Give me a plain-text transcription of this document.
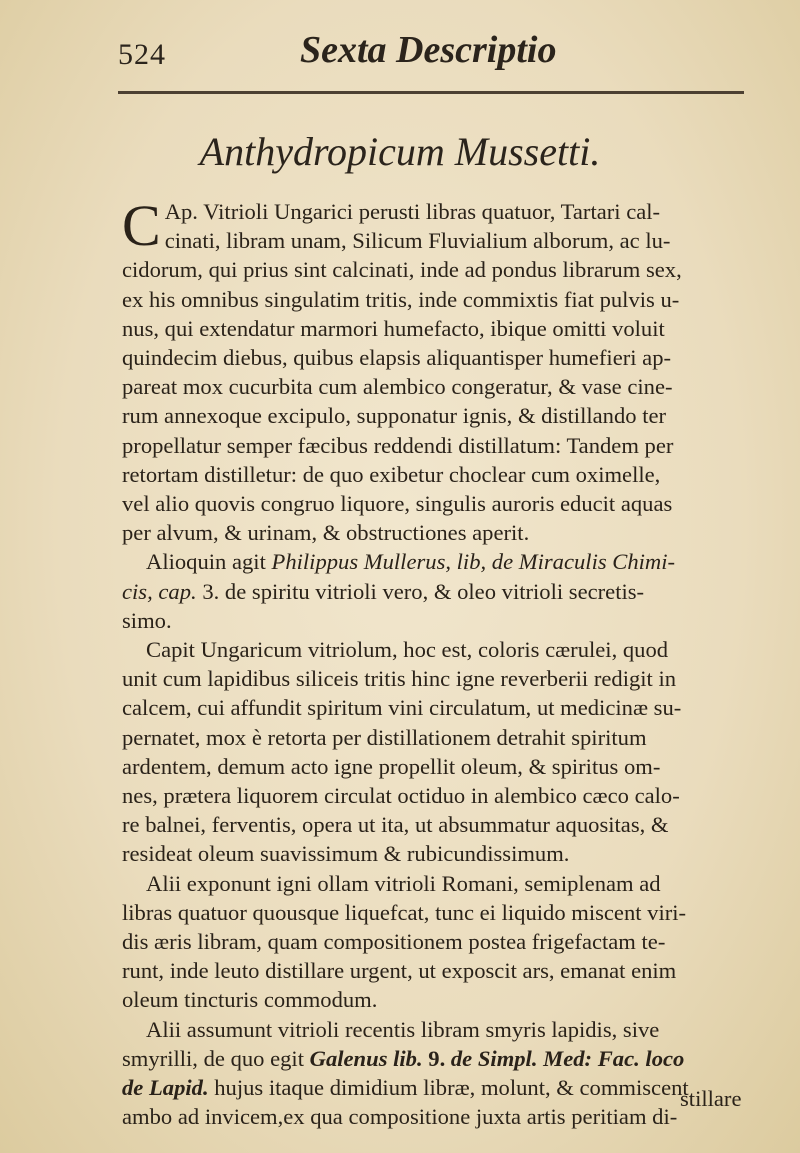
524	Sexta Descriptio
Anthydropicum Mussetti.

C Ap. Vitrioli Ungarici perusti libras quatuor, Tartari cal-
cinati, libram unam, Silicum Fluvialium alborum, ac lu-
cidorum, qui prius sint calcinati, inde ad pondus librarum sex,
ex his omnibus singulatim tritis, inde commixtis fiat pulvis u-
nus, qui extendatur marmori humefacto, ibique omitti voluit
quindecim diebus, quibus elapsis aliquantisper humefieri ap-
pareat mox cucurbita cum alembico congeratur, & vase cine-
rum annexoque excipulo, supponatur ignis, & distillando ter
propellatur semper fæcibus reddendi distillatum: Tandem per
retortam distilletur: de quo exibetur choclear cum oximelle,
vel alio quovis congruo liquore, singulis auroris educit aquas
per alvum, & urinam, & obstructiones aperit.

Alioquin agit Philippus Mullerus, lib, de Miraculis Chimi-
cis, cap. 3. de spiritu vitrioli vero, & oleo vitrioli secretis-
simo.

Capit Ungaricum vitriolum, hoc est, coloris cærulei, quod
unit cum lapidibus siliceis tritis hinc igne reverberii redigit in
calcem, cui affundit spiritum vini circulatum, ut medicinæ su-
pernatet, mox è retorta per distillationem detrahit spiritum
ardentem, demum acto igne propellit oleum, & spiritus om-
nes, prætera liquorem circulat octiduo in alembico cæco calo-
re balnei, ferventis, opera ut ita, ut absummatur aquositas, &
resideat oleum suavissimum & rubicundissimum.

Alii exponunt igni ollam vitrioli Romani, semiplenam ad
libras quatuor quousque liquefcat, tunc ei liquido miscent viri-
dis æris libram, quam compositionem postea frigefactam te-
runt, inde leuto distillare urgent, ut exposcit ars, emanat enim
oleum tincturis commodum.

Alii assumunt vitrioli recentis libram smyris lapidis, sive
smyrilli, de quo egit Galenus lib. 9. de Simpl. Med: Fac. loco
de Lapid. hujus itaque dimidium libræ, molunt, & commiscent
ambo ad invicem,ex qua compositione juxta artis peritiam di-

stillare
